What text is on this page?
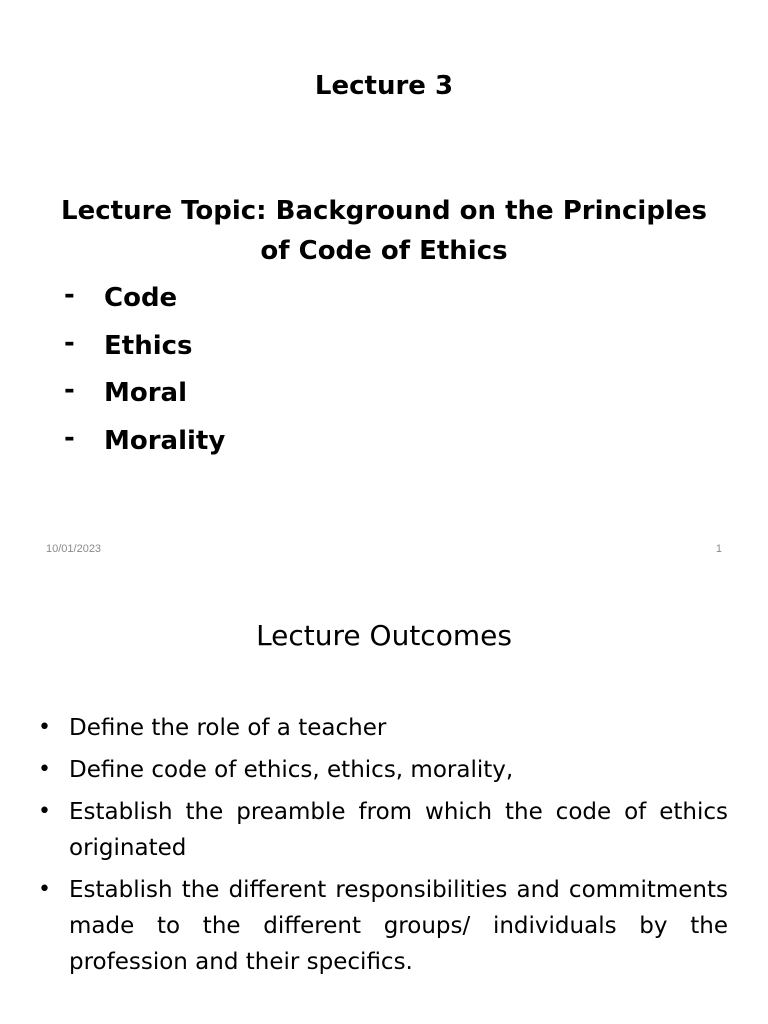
Lecture 3
Lecture Topic: Background on the Principles
of Code of Ethics
- Code
- Ethics
- Moral
- Morality
10/01/2023	1
Lecture Outcomes
• Define the role of a teacher
• Define code of ethics, ethics, morality,
• Establish the preamble from which the code of ethics originated
• Establish the different responsibilities and commitments made to the different groups/ individuals by the profession and their specifics.
